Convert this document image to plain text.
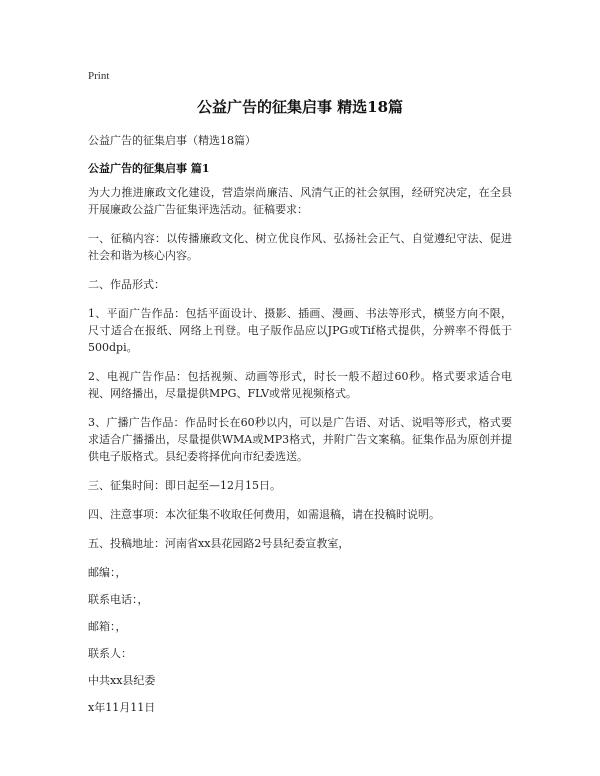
Print
公益广告的征集启事 精选18篇
公益广告的征集启事（精选18篇）
公益广告的征集启事 篇1

为大力推进廉政文化建设，营造崇尚廉洁、风清气正的社会氛围，经研究决定，在全县开展廉政公益广告征集评选活动。征稿要求：

一、征稿内容：以传播廉政文化、树立优良作风、弘扬社会正气、自觉遵纪守法、促进社会和谐为核心内容。

二、作品形式：

1、平面广告作品：包括平面设计、摄影、插画、漫画、书法等形式，横竖方向不限，尺寸适合在报纸、网络上刊登。电子版作品应以JPG或Tif格式提供，分辨率不得低于500dpi。

2、电视广告作品：包括视频、动画等形式，时长一般不超过60秒。格式要求适合电视、网络播出，尽量提供MPG、FLV或常见视频格式。

3、广播广告作品：作品时长在60秒以内，可以是广告语、对话、说唱等形式，格式要求适合广播播出，尽量提供WMA或MP3格式，并附广告文案稿。征集作品为原创并提供电子版格式。县纪委将择优向市纪委选送。

三、征集时间：即日起至—12月15日。

四、注意事项：本次征集不收取任何费用，如需退稿，请在投稿时说明。

五、投稿地址：河南省xx县花园路2号县纪委宣教室，

邮编：，

联系电话：，

邮箱：，

联系人：

中共xx县纪委

x年11月11日
